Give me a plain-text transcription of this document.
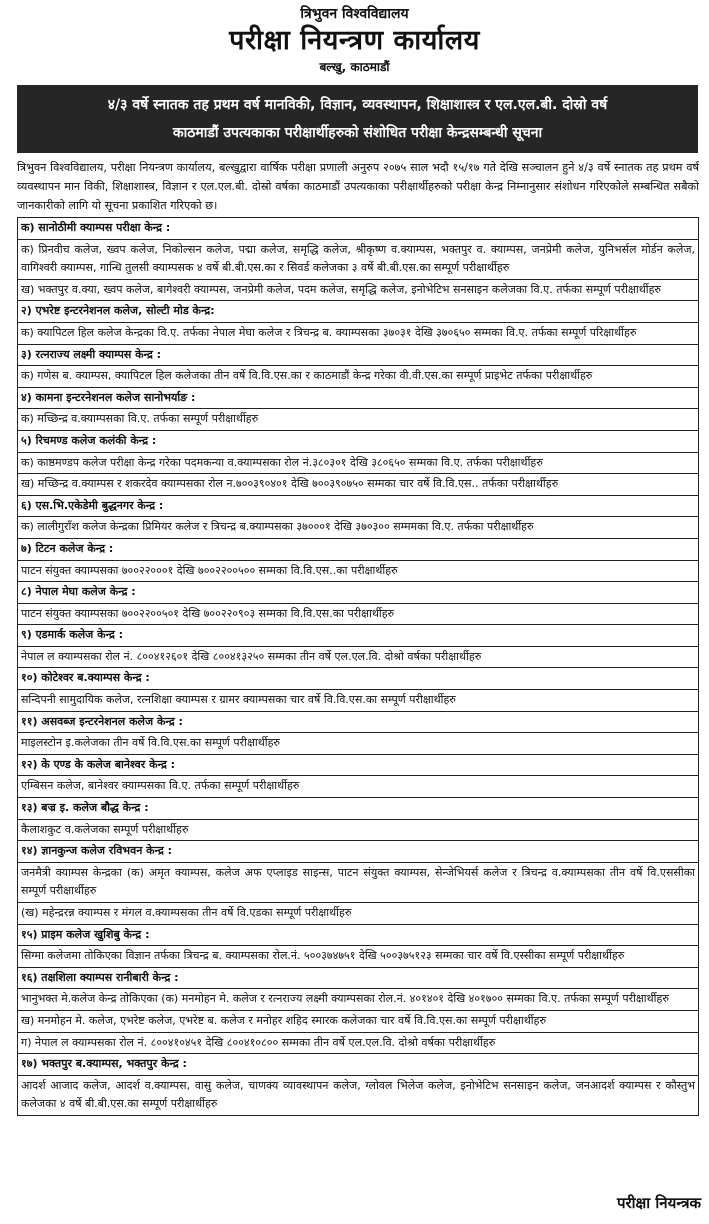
त्रिभुवन विश्वविद्यालय
परीक्षा नियन्त्रण कार्यालय
बल्खु, काठमाडौं
४/३ वर्षे स्नातक तह प्रथम वर्ष मानविकी, विज्ञान, व्यवस्थापन, शिक्षाशास्त्र र एल.एल.बी. दोस्रो वर्ष
काठमाडौं उपत्यकाका परीक्षार्थीहरुको संशोधित परीक्षा केन्द्रसम्बन्धी सूचना

त्रिभुवन विश्वविद्यालय, परीक्षा नियन्त्रण कार्यालय, बल्खुद्वारा वार्षिक परीक्षा प्रणाली अनुरुप २०७५ साल भदौ १५/१७ गते देखि सञ्चालन हुने ४/३ वर्षे स्नातक तह प्रथम वर्ष व्यवस्थापन मान विकी, शिक्षाशास्त्र, विज्ञान र एल.एल.बी. दोस्रो वर्षका काठमाडौं उपत्यकाका परीक्षार्थीहरुको परीक्षा केन्द्र निम्नानुसार संशोधन गरिएकोले सम्बन्धित सबैको जानकारीको लागि यो सूचना प्रकाशित गरिएको छ।

क) सानोठीमी क्याम्पस परीक्षा केन्द्र :
क) प्रिनवीच कलेज, ख्वप कलेज, निकोल्सन कलेज, पद्मा कलेज, समृद्धि कलेज, श्रीकृष्ण व.क्याम्पस, भक्तपुर व. क्याम्पस, जनप्रेमी कलेज, युनिभर्सल मोर्डन कलेज, वागिश्वरी क्याम्पस, गान्धि तुलसी क्याम्पसक ४ वर्षे बी.बी.एस.का र सिवर्ड कलेजका ३ वर्षे बी.बी.एस.का सम्पूर्ण परीक्षार्थीहरु
ख) भक्तपुर व.क्या, ख्वप कलेज, बागेश्वरी क्याम्पस, जनप्रेमी कलेज, पदम कलेज, समृद्धि कलेज, इनोभेटिभ सनसाइन कलेजका वि.ए. तर्फका सम्पूर्ण परीक्षार्थीहरु
२) एभरेष्ट इन्टरनेशनल कलेज, सोल्टी मोड केन्द्र:
क) क्यापिटल हिल कलेज केन्द्रका वि.ए. तर्फका नेपाल मेघा कलेज र त्रिचन्द्र ब. क्याम्पसका ३७०३१ देखि ३७०६५० सम्मका वि.ए. तर्फका सम्पूर्ण परिक्षार्थीहरु
३) रत्नराज्य लक्ष्मी क्याम्पस केन्द्र :
क) गणेस ब. क्याम्पस, क्यापिटल हिल कलेजका तीन वर्षे वि.वि.एस.का र काठमाडौं केन्द्र गरेका वी.वी.एस.का सम्पूर्ण प्राइभेट तर्फका परीक्षार्थीहरु
४) कामना इन्टरनेशनल कलेज सानोभर्याङ :
क) मच्छिन्द्र व.क्याम्पसका वि.ए. तर्फका सम्पूर्ण परीक्षार्थीहरु
५) रिचमण्ड कलेज कलंकी केन्द्र :
क) काष्ठमण्डप कलेज परीक्षा केन्द्र गरेका पदमकन्या व.क्याम्पसका रोल नं.३८०३०१ देखि ३८०६५० सम्मका वि.ए. तर्फका परीक्षार्थीहरु
ख) मच्छिन्द्र व.क्याम्पस र शकरदेव क्याम्पसका रोल न.७००३९०४०१ देखि ७००३९०७५० सम्मका चार वर्षे वि.वि.एस.. तर्फका परीक्षार्थीहरु
६) एस.भि.एकेडेमी बुद्धनगर केन्द्र :
क) लालीगुराँश कलेज केन्द्रका प्रिमियर कलेज र त्रिचन्द्र ब.क्याम्पसका ३७०००१ देखि ३७०३०० सम्ममका वि.ए. तर्फका परीक्षार्थीहरु
७) टिटन कलेज केन्द्र :
पाटन संयुक्त क्याम्पसका ७००२२०००१ देखि ७००२२००५०० सम्मका वि.वि.एस..का परीक्षार्थीहरु
८) नेपाल मेघा कलेज केन्द्र :
पाटन संयुक्त क्याम्पसका ७००२२००५०१ देखि ७००२२०९०३ सम्मका वि.वि.एस.का परीक्षार्थीहरु
९) एडमार्क कलेज केन्द्र :
नेपाल ल क्याम्पसका रोल नं. ८००४१२६०१ देखि ८००४१३२५० सम्मका तीन वर्षे एल.एल.वि. दोश्रो वर्षका परीक्षार्थीहरु
१०) कोटेश्वर ब.क्याम्पस केन्द्र :
सन्दिपनी सामुदायिक कलेज, रत्नशिक्षा क्याम्पस र ग्रामर क्याम्पसका चार वर्षे वि.वि.एस.का सम्पूर्ण परीक्षार्थीहरु
११) असवब्ज इन्टरनेशनल कलेज केन्द्र :
माइलस्टोन इ.कलेजका तीन वर्षे वि.वि.एस.का सम्पूर्ण परीक्षार्थीहरु
१२) के एण्ड के कलेज बानेश्वर केन्द्र :
एम्बिसन कलेज, बानेश्वर क्याम्पसका वि.ए. तर्फका सम्पूर्ण परीक्षार्थीहरु
१३) बज्र इ. कलेज बौद्ध केन्द्र :
कैलाशकुट व.कलेजका सम्पूर्ण परीक्षार्थीहरु
१४) ज्ञानकुन्ज कलेज रविभवन केन्द्र :
जनमैत्री क्याम्पस केन्द्रका (क) अमृत क्याम्पस, कलेज अफ एप्लाइड साइन्स, पाटन संयुक्त क्याम्पस, सेन्जेभियर्स कलेज र त्रिचन्द्र व.क्याम्पसका तीन वर्षे वि.एससीका सम्पूर्ण परीक्षार्थीहरु
(ख) महेन्द्ररन्न क्याम्पस र मंगल व.क्याम्पसका तीन वर्षे वि.एडका सम्पूर्ण परीक्षार्थीहरु
१५) प्राइम कलेज खुशिबु केन्द्र :
सिग्मा कलेजमा तोकिएका विज्ञान तर्फका त्रिचन्द्र ब. क्याम्पसका रोल.नं. ५००३७४७५१ देखि ५००३७५१२३ सम्मका चार वर्षे वि.एस्सीका सम्पूर्ण परीक्षार्थीहरु
१६) तक्षशिला क्याम्पस रानीबारी केन्द्र :
भानुभक्त मे.कलेज केन्द्र तोकिएका (क) मनमोहन मे. कलेज र रत्नराज्य लक्ष्मी क्याम्पसका रोल.नं. ४०१४०१ देखि ४०१७०० सम्मका वि.ए. तर्फका सम्पूर्ण परीक्षार्थीहरु
ख) मनमोहन मे. कलेज, एभरेष्ट कलेज, एभरेष्ट ब. कलेज र मनोहर शहिद स्मारक कलेजका चार वर्षे वि.वि.एस.का सम्पूर्ण परीक्षार्थीहरु
ग) नेपाल ल क्याम्पसका रोल नं. ८००४१०४५१ देखि ८००४१०८०० सम्मका तीन वर्षे एल.एल.वि. दोश्रो वर्षका परीक्षार्थीहरु
१७) भक्तपुर ब.क्याम्पस, भक्तपुर केन्द्र :
आदर्श आजाद कलेज, आदर्श व.क्याम्पस, वासु कलेज, चाणक्य व्यावस्थापन कलेज, ग्लोवल भिलेज कलेज, इनोभेटिभ सनसाइन कलेज, जनआदर्श क्याम्पस र कौस्तुभ कलेजका ४ वर्षे बी.बी.एस.का सम्पूर्ण परीक्षार्थीहरु
परीक्षा नियन्त्रक
